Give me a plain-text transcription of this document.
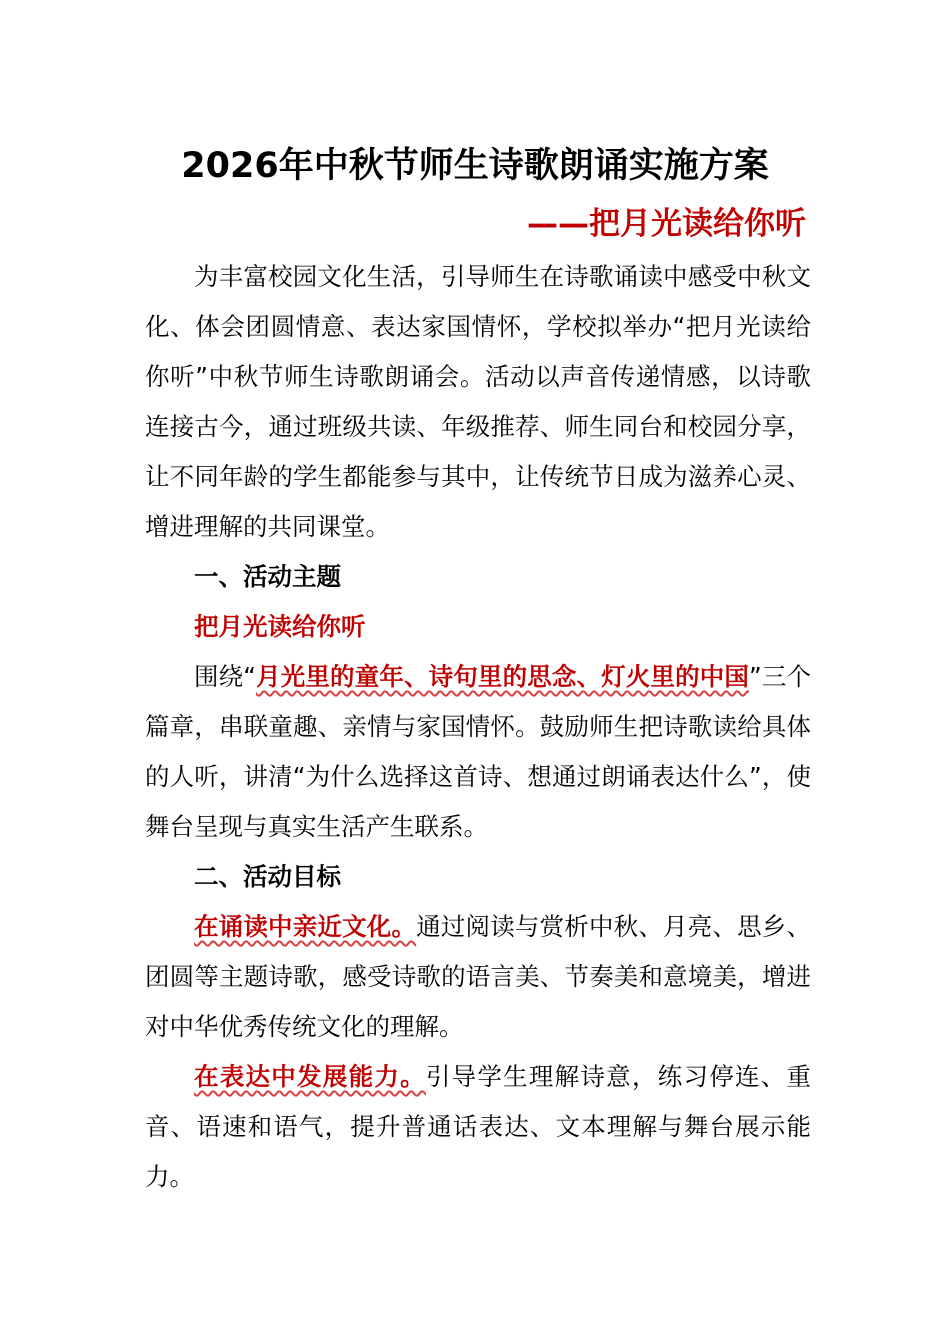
2026年中秋节师生诗歌朗诵实施方案
——把月光读给你听

为丰富校园文化生活，引导师生在诗歌诵读中感受中秋文化、体会团圆情意、表达家国情怀，学校拟举办“把月光读给你听”中秋节师生诗歌朗诵会。活动以声音传递情感，以诗歌连接古今，通过班级共读、年级推荐、师生同台和校园分享，让不同年龄的学生都能参与其中，让传统节日成为滋养心灵、增进理解的共同课堂。

一、活动主题

把月光读给你听

围绕“月光里的童年、诗句里的思念、灯火里的中国”三个篇章，串联童趣、亲情与家国情怀。鼓励师生把诗歌读给具体的人听，讲清“为什么选择这首诗、想通过朗诵表达什么”，使舞台呈现与真实生活产生联系。

二、活动目标

在诵读中亲近文化。通过阅读与赏析中秋、月亮、思乡、团圆等主题诗歌，感受诗歌的语言美、节奏美和意境美，增进对中华优秀传统文化的理解。

在表达中发展能力。引导学生理解诗意，练习停连、重音、语速和语气，提升普通话表达、文本理解与舞台展示能力。
